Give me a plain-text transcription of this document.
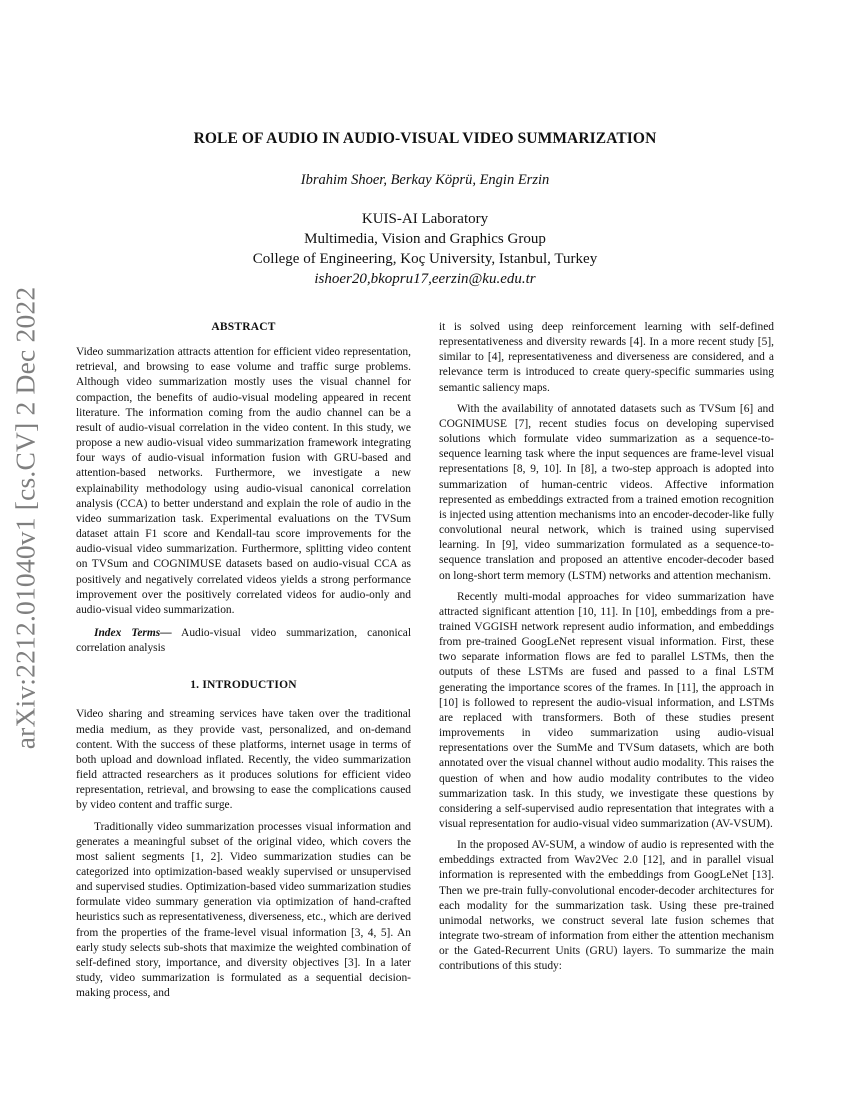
arXiv:2212.01040v1 [cs.CV] 2 Dec 2022
ROLE OF AUDIO IN AUDIO-VISUAL VIDEO SUMMARIZATION
Ibrahim Shoer, Berkay Köprü, Engin Erzin
KUIS-AI Laboratory
Multimedia, Vision and Graphics Group
College of Engineering, Koç University, Istanbul, Turkey
ishoer20,bkopru17,eerzin@ku.edu.tr
ABSTRACT

Video summarization attracts attention for efficient video representation, retrieval, and browsing to ease volume and traffic surge problems. Although video summarization mostly uses the visual channel for compaction, the benefits of audio-visual modeling appeared in recent literature. The information coming from the audio channel can be a result of audio-visual correlation in the video content. In this study, we propose a new audio-visual video summarization framework integrating four ways of audio-visual information fusion with GRU-based and attention-based networks. Furthermore, we investigate a new explainability methodology using audio-visual canonical correlation analysis (CCA) to better understand and explain the role of audio in the video summarization task. Experimental evaluations on the TVSum dataset attain F1 score and Kendall-tau score improvements for the audio-visual video summarization. Furthermore, splitting video content on TVSum and COGNIMUSE datasets based on audio-visual CCA as positively and negatively correlated videos yields a strong performance improvement over the positively correlated videos for audio-only and audio-visual video summarization.

Index Terms— Audio-visual video summarization, canonical correlation analysis

1. INTRODUCTION

Video sharing and streaming services have taken over the traditional media medium, as they provide vast, personalized, and on-demand content. With the success of these platforms, internet usage in terms of both upload and download inflated. Recently, the video summarization field attracted researchers as it produces solutions for efficient video representation, retrieval, and browsing to ease the complications caused by video content and traffic surge.

Traditionally video summarization processes visual information and generates a meaningful subset of the original video, which covers the most salient segments [1, 2]. Video summarization studies can be categorized into optimization-based weakly supervised or unsupervised and supervised studies. Optimization-based video summarization studies formulate video summary generation via optimization of hand-crafted heuristics such as representativeness, diverseness, etc., which are derived from the properties of the frame-level visual information [3, 4, 5]. An early study selects sub-shots that maximize the weighted combination of self-defined story, importance, and diversity objectives [3]. In a later study, video summarization is formulated as a sequential decision-making process, and

it is solved using deep reinforcement learning with self-defined representativeness and diversity rewards [4]. In a more recent study [5], similar to [4], representativeness and diverseness are considered, and a relevance term is introduced to create query-specific summaries using semantic saliency maps.

With the availability of annotated datasets such as TVSum [6] and COGNIMUSE [7], recent studies focus on developing supervised solutions which formulate video summarization as a sequence-to-sequence learning task where the input sequences are frame-level visual representations [8, 9, 10]. In [8], a two-step approach is adopted into summarization of human-centric videos. Affective information represented as embeddings extracted from a trained emotion recognition is injected using attention mechanisms into an encoder-decoder-like fully convolutional neural network, which is trained using supervised learning. In [9], video summarization formulated as a sequence-to-sequence translation and proposed an attentive encoder-decoder based on long-short term memory (LSTM) networks and attention mechanism.

Recently multi-modal approaches for video summarization have attracted significant attention [10, 11]. In [10], embeddings from a pre-trained VGGISH network represent audio information, and embeddings from pre-trained GoogLeNet represent visual information. First, these two separate information flows are fed to parallel LSTMs, then the outputs of these LSTMs are fused and passed to a final LSTM generating the importance scores of the frames. In [11], the approach in [10] is followed to represent the audio-visual information, and LSTMs are replaced with transformers. Both of these studies present improvements in video summarization using audio-visual representations over the SumMe and TVSum datasets, which are both annotated over the visual channel without audio modality. This raises the question of when and how audio modality contributes to the video summarization task. In this study, we investigate these questions by considering a self-supervised audio representation that integrates with a visual representation for audio-visual video summarization (AV-VSUM).

In the proposed AV-SUM, a window of audio is represented with the embeddings extracted from Wav2Vec 2.0 [12], and in parallel visual information is represented with the embeddings from GoogLeNet [13]. Then we pre-train fully-convolutional encoder-decoder architectures for each modality for the summarization task. Using these pre-trained unimodal networks, we construct several late fusion schemes that integrate two-stream of information from either the attention mechanism or the Gated-Recurrent Units (GRU) layers. To summarize the main contributions of this study:
